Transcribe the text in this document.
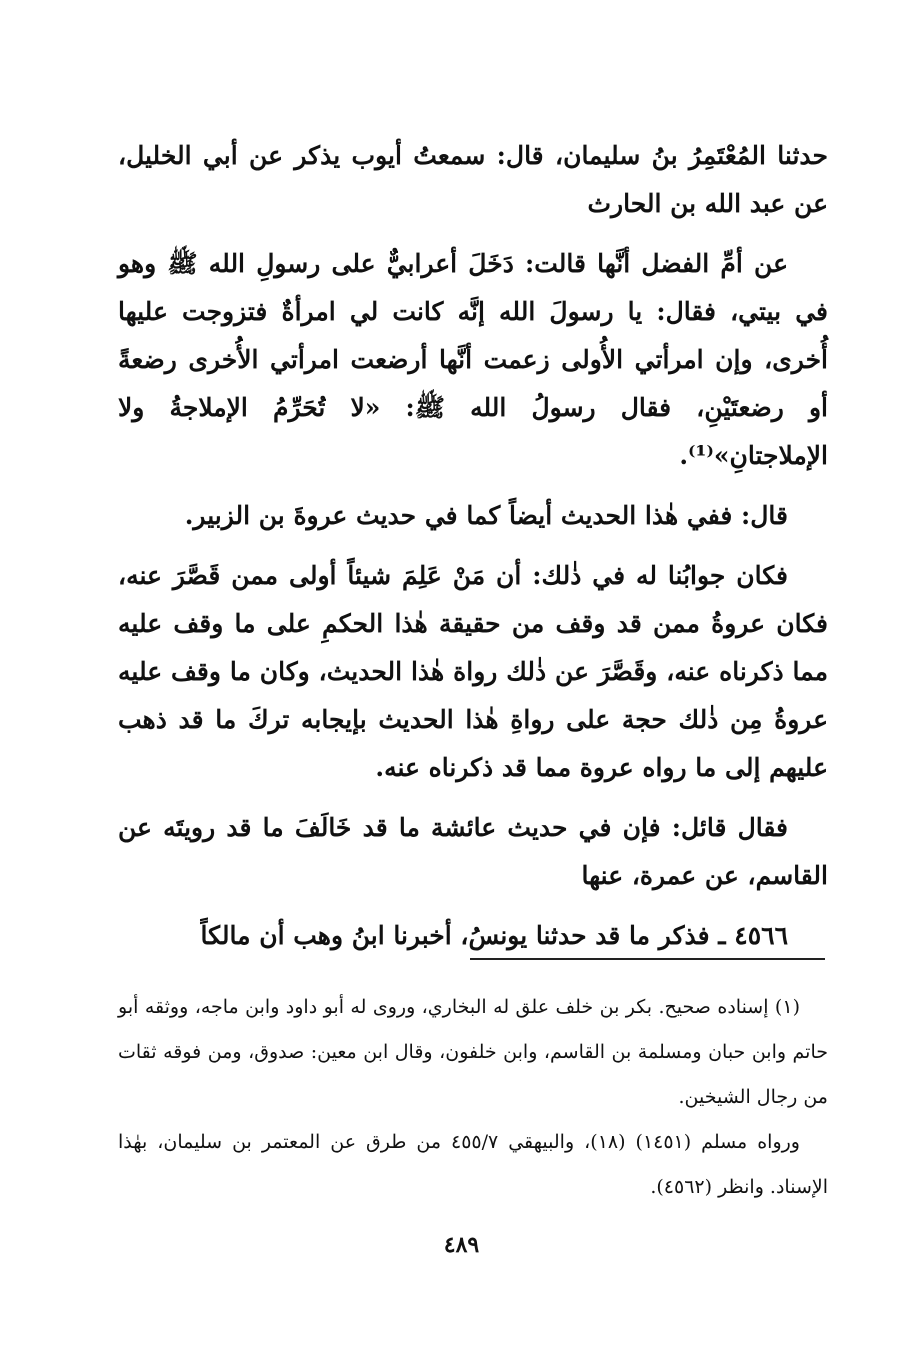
حدثنا المُعْتَمِرُ بنُ سليمان، قال: سمعتُ أيوب يذكر عن أبي الخليل، عن عبد الله بن الحارث

عن أمِّ الفضل أنَّها قالت: دَخَلَ أعرابيٌّ على رسولِ الله ﷺ وهو في بيتي، فقال: يا رسولَ الله إنَّه كانت لي امرأةٌ فتزوجت عليها أُخرى، وإن امرأتي الأُولى زعمت أنَّها أرضعت امرأتي الأُخرى رضعةً أو رضعتَيْنِ، فقال رسولُ الله ﷺ: «لا تُحَرِّمُ الإملاجةُ ولا الإملاجتانِ»⁽¹⁾.

قال: ففي هٰذا الحديث أيضاً كما في حديث عروةَ بن الزبير.

فكان جوابُنا له في ذٰلك: أن مَنْ عَلِمَ شيئاً أولى ممن قَصَّرَ عنه، فكان عروةُ ممن قد وقف من حقيقة هٰذا الحكمِ على ما وقف عليه مما ذكرناه عنه، وقَصَّرَ عن ذٰلك رواة هٰذا الحديث، وكان ما وقف عليه عروةُ مِن ذٰلك حجة على رواةِ هٰذا الحديث بإيجابه تركَ ما قد ذهب عليهم إلى ما رواه عروة مما قد ذكرناه عنه.

فقال قائل: فإن في حديث عائشة ما قد خَالَفَ ما قد رويتَه عن القاسم، عن عمرة، عنها

٤٥٦٦ ـ فذكر ما قد حدثنا يونسُ، أخبرنا ابنُ وهب أن مالكاً

(١) إسناده صحيح. بكر بن خلف علق له البخاري، وروى له أبو داود وابن ماجه، ووثقه أبو حاتم وابن حبان ومسلمة بن القاسم، وابن خلفون، وقال ابن معين: صدوق، ومن فوقه ثقات من رجال الشيخين.

ورواه مسلم (١٤٥١) (١٨)، والبيهقي ٤٥٥/٧ من طرق عن المعتمر بن سليمان، بهٰذا الإسناد. وانظر (٤٥٦٢).

٤٨٩
